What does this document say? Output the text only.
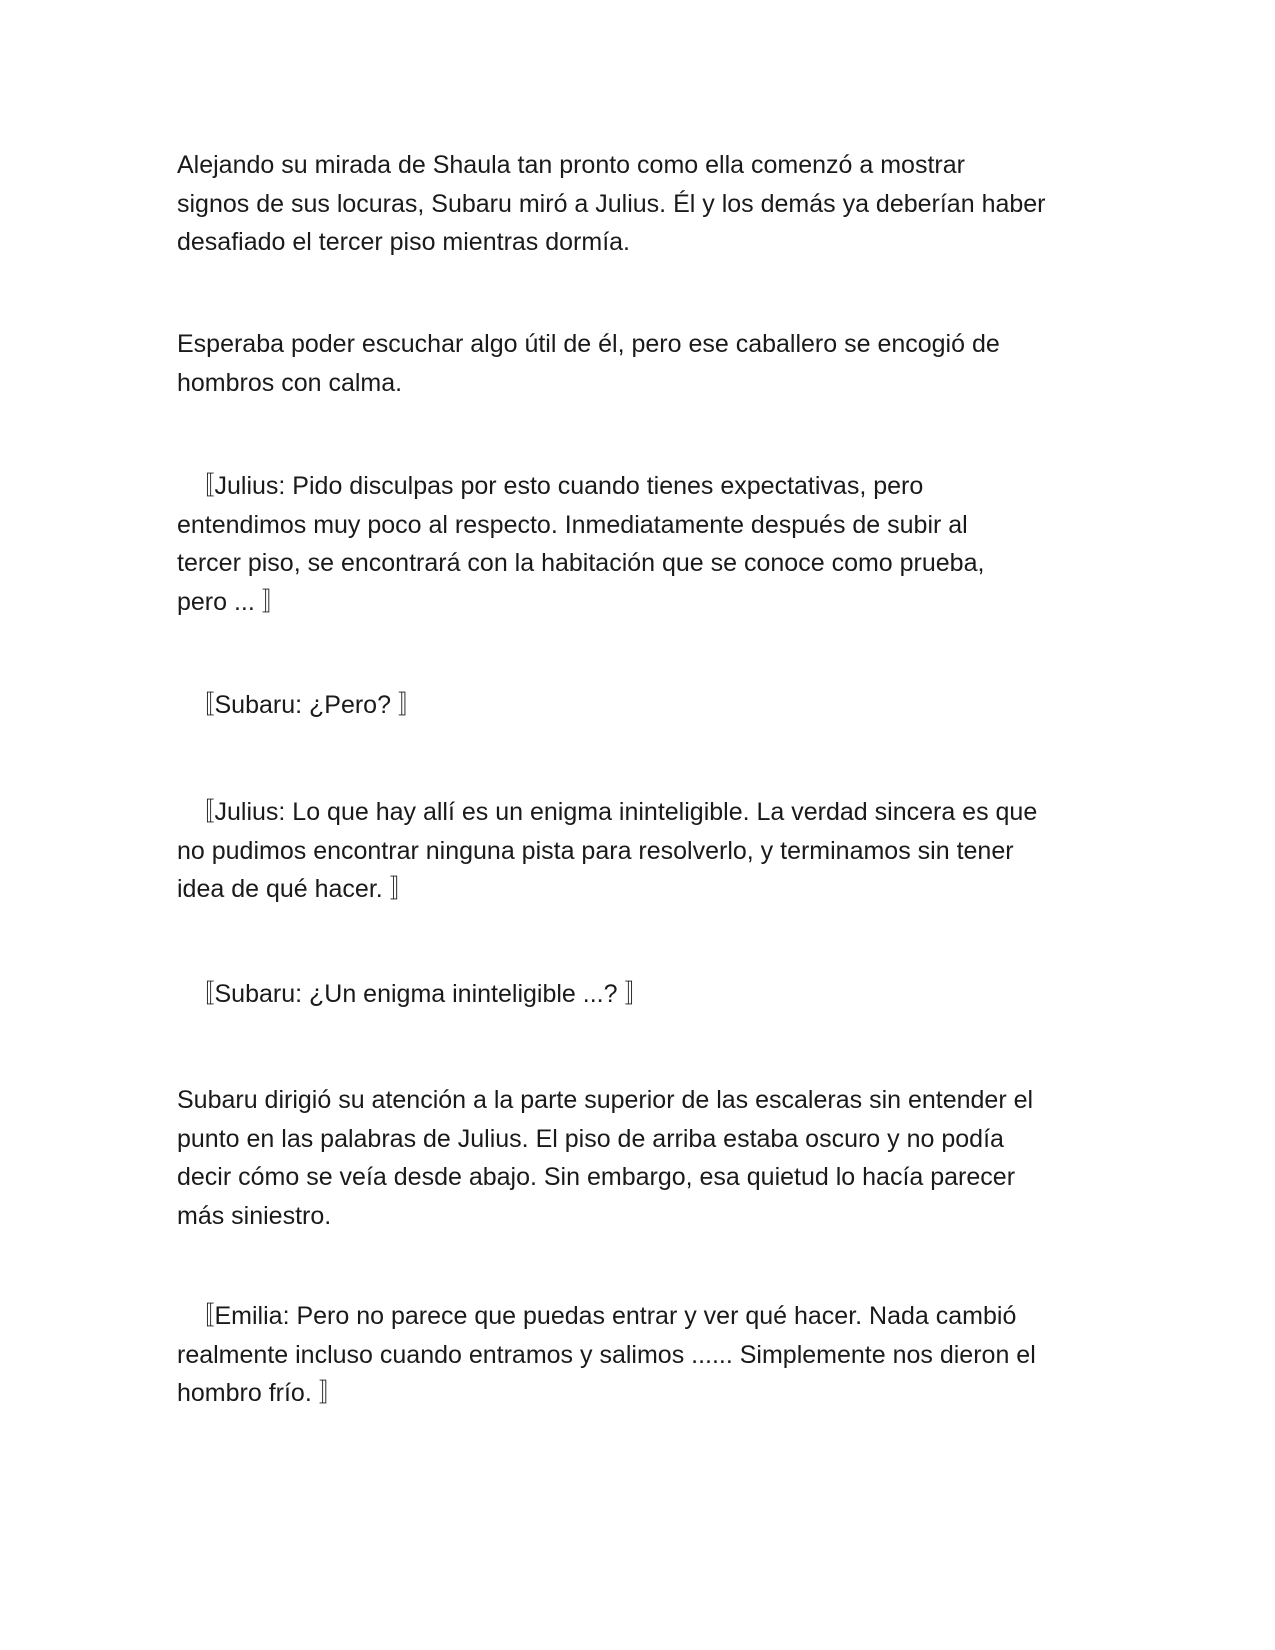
Alejando su mirada de Shaula tan pronto como ella comenzó a mostrar
signos de sus locuras, Subaru miró a Julius. Él y los demás ya deberían haber
desafiado el tercer piso mientras dormía.

Esperaba poder escuchar algo útil de él, pero ese caballero se encogió de
hombros con calma.

　〚Julius: Pido disculpas por esto cuando tienes expectativas, pero
entendimos muy poco al respecto. Inmediatamente después de subir al
tercer piso, se encontrará con la habitación que se conoce como prueba,
pero ... 〛

　〚Subaru: ¿Pero? 〛

　〚Julius: Lo que hay allí es un enigma ininteligible. La verdad sincera es que
no pudimos encontrar ninguna pista para resolverlo, y terminamos sin tener
idea de qué hacer. 〛

　〚Subaru: ¿Un enigma ininteligible ...? 〛

Subaru dirigió su atención a la parte superior de las escaleras sin entender el
punto en las palabras de Julius. El piso de arriba estaba oscuro y no podía
decir cómo se veía desde abajo. Sin embargo, esa quietud lo hacía parecer
más siniestro.

　〚Emilia: Pero no parece que puedas entrar y ver qué hacer. Nada cambió
realmente incluso cuando entramos y salimos ...... Simplemente nos dieron el
hombro frío. 〛
